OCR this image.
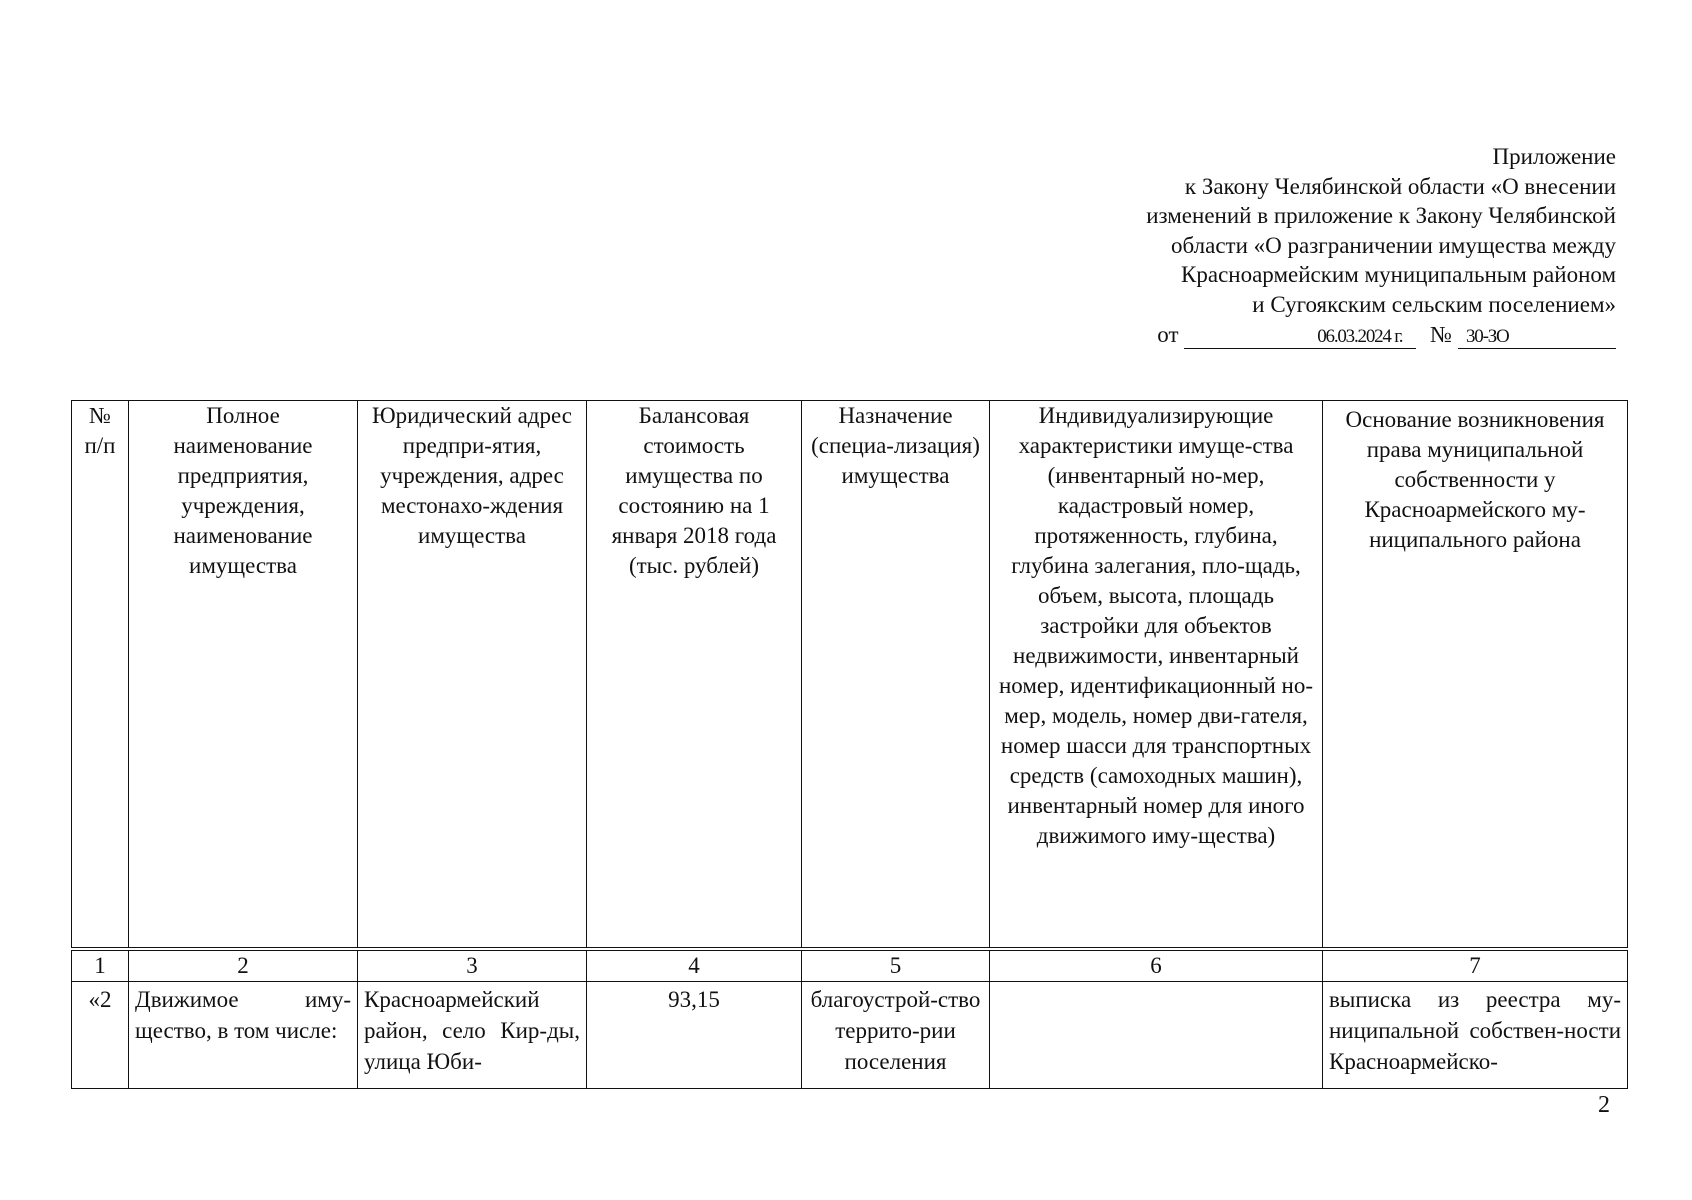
Приложение
к Закону Челябинской области «О внесении
изменений в приложение к Закону Челябинской
области «О разграничении имущества между
Красноармейским муниципальным районом
и Сугоякским сельским поселением»
от	06.03.2024 г. № 30-ЗО
№ п/п	Полное наименование предприятия, учреждения, наименование имущества	Юридический адрес предпри-ятия, учреждения, адрес местонахо-ждения имущества	Балансовая стоимость имущества по состоянию на 1 января 2018 года (тыс. рублей)	Назначение (специа-лизация) имущества	Индивидуализирующие характеристики имуще-ства (инвентарный но-мер, кадастровый номер, протяженность, глубина, глубина залегания, пло-щадь, объем, высота, площадь застройки для объектов недвижимости, инвентарный номер, идентификационный но-мер, модель, номер дви-гателя, номер шасси для транспортных средств (самоходных машин), инвентарный номер для иного движимого иму-щества)	Основание возникновения права муниципальной собственности у Красноармейского му-ниципального района
1	2	3	4	5	6	7
«2	Движимое иму-щество, в том числе:	Красноармейский район, село Кир-ды, улица Юби-	93,15	благоустрой-ство террито-рии поселения		выписка из реестра му-ниципальной собствен-ности Красноармейско-
2
